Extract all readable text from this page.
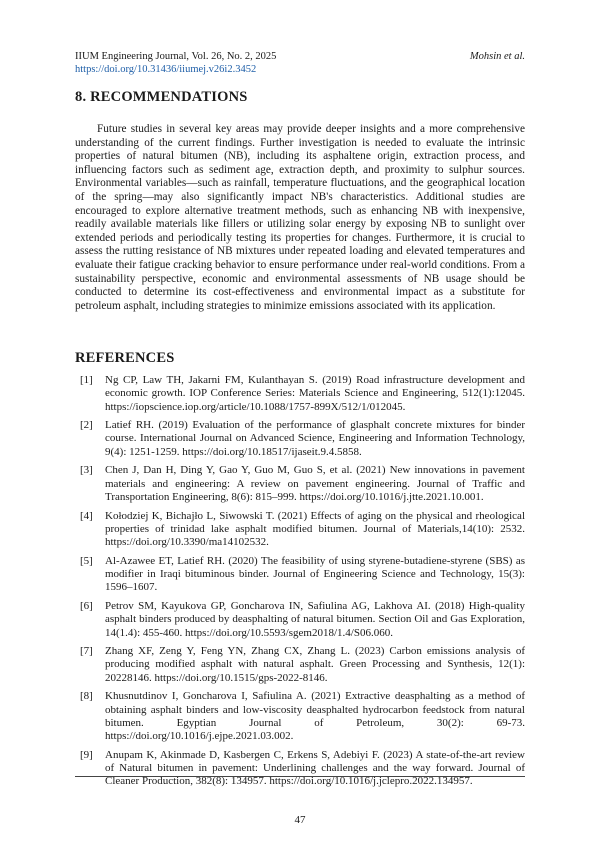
IIUM Engineering Journal, Vol. 26, No. 2, 2025	Mohsin et al.
https://doi.org/10.31436/iiumej.v26i2.3452
8. RECOMMENDATIONS

Future studies in several key areas may provide deeper insights and a more comprehensive understanding of the current findings. Further investigation is needed to evaluate the intrinsic properties of natural bitumen (NB), including its asphaltene origin, extraction process, and influencing factors such as sediment age, extraction depth, and proximity to sulphur sources. Environmental variables—such as rainfall, temperature fluctuations, and the geographical location of the spring—may also significantly impact NB's characteristics. Additional studies are encouraged to explore alternative treatment methods, such as enhancing NB with inexpensive, readily available materials like fillers or utilizing solar energy by exposing NB to sunlight over extended periods and periodically testing its properties for changes. Furthermore, it is crucial to assess the rutting resistance of NB mixtures under repeated loading and elevated temperatures and evaluate their fatigue cracking behavior to ensure performance under real-world conditions. From a sustainability perspective, economic and environmental assessments of NB usage should be conducted to determine its cost-effectiveness and environmental impact as a substitute for petroleum asphalt, including strategies to minimize emissions associated with its application.

REFERENCES
[1] Ng CP, Law TH, Jakarni FM, Kulanthayan S. (2019) Road infrastructure development and economic growth. IOP Conference Series: Materials Science and Engineering, 512(1):12045. https://iopscience.iop.org/article/10.1088/1757-899X/512/1/012045.
[2] Latief RH. (2019) Evaluation of the performance of glasphalt concrete mixtures for binder course. International Journal on Advanced Science, Engineering and Information Technology, 9(4): 1251-1259. https://doi.org/10.18517/ijaseit.9.4.5858.
[3] Chen J, Dan H, Ding Y, Gao Y, Guo M, Guo S, et al. (2021) New innovations in pavement materials and engineering: A review on pavement engineering. Journal of Traffic and Transportation Engineering, 8(6): 815–999. https://doi.org/10.1016/j.jtte.2021.10.001.
[4] Kołodziej K, Bichajło L, Siwowski T. (2021) Effects of aging on the physical and rheological properties of trinidad lake asphalt modified bitumen. Journal of Materials,14(10): 2532. https://doi.org/10.3390/ma14102532.
[5] Al-Azawee ET, Latief RH. (2020) The feasibility of using styrene-butadiene-styrene (SBS) as modifier in Iraqi bituminous binder. Journal of Engineering Science and Technology, 15(3): 1596–1607.
[6] Petrov SM, Kayukova GP, Goncharova IN, Safiulina AG, Lakhova AI. (2018) High-quality asphalt binders produced by deasphalting of natural bitumen. Section Oil and Gas Exploration, 14(1.4): 455-460. https://doi.org/10.5593/sgem2018/1.4/S06.060.
[7] Zhang XF, Zeng Y, Feng YN, Zhang CX, Zhang L. (2023) Carbon emissions analysis of producing modified asphalt with natural asphalt. Green Processing and Synthesis, 12(1): 20228146. https://doi.org/10.1515/gps-2022-8146.
[8] Khusnutdinov I, Goncharova I, Safiulina A. (2021) Extractive deasphalting as a method of obtaining asphalt binders and low-viscosity deasphalted hydrocarbon feedstock from natural bitumen. Egyptian Journal of Petroleum, 30(2): 69-73. https://doi.org/10.1016/j.ejpe.2021.03.002.
[9] Anupam K, Akinmade D, Kasbergen C, Erkens S, Adebiyi F. (2023) A state-of-the-art review of Natural bitumen in pavement: Underlining challenges and the way forward. Journal of Cleaner Production, 382(8): 134957. https://doi.org/10.1016/j.jclepro.2022.134957.
47
